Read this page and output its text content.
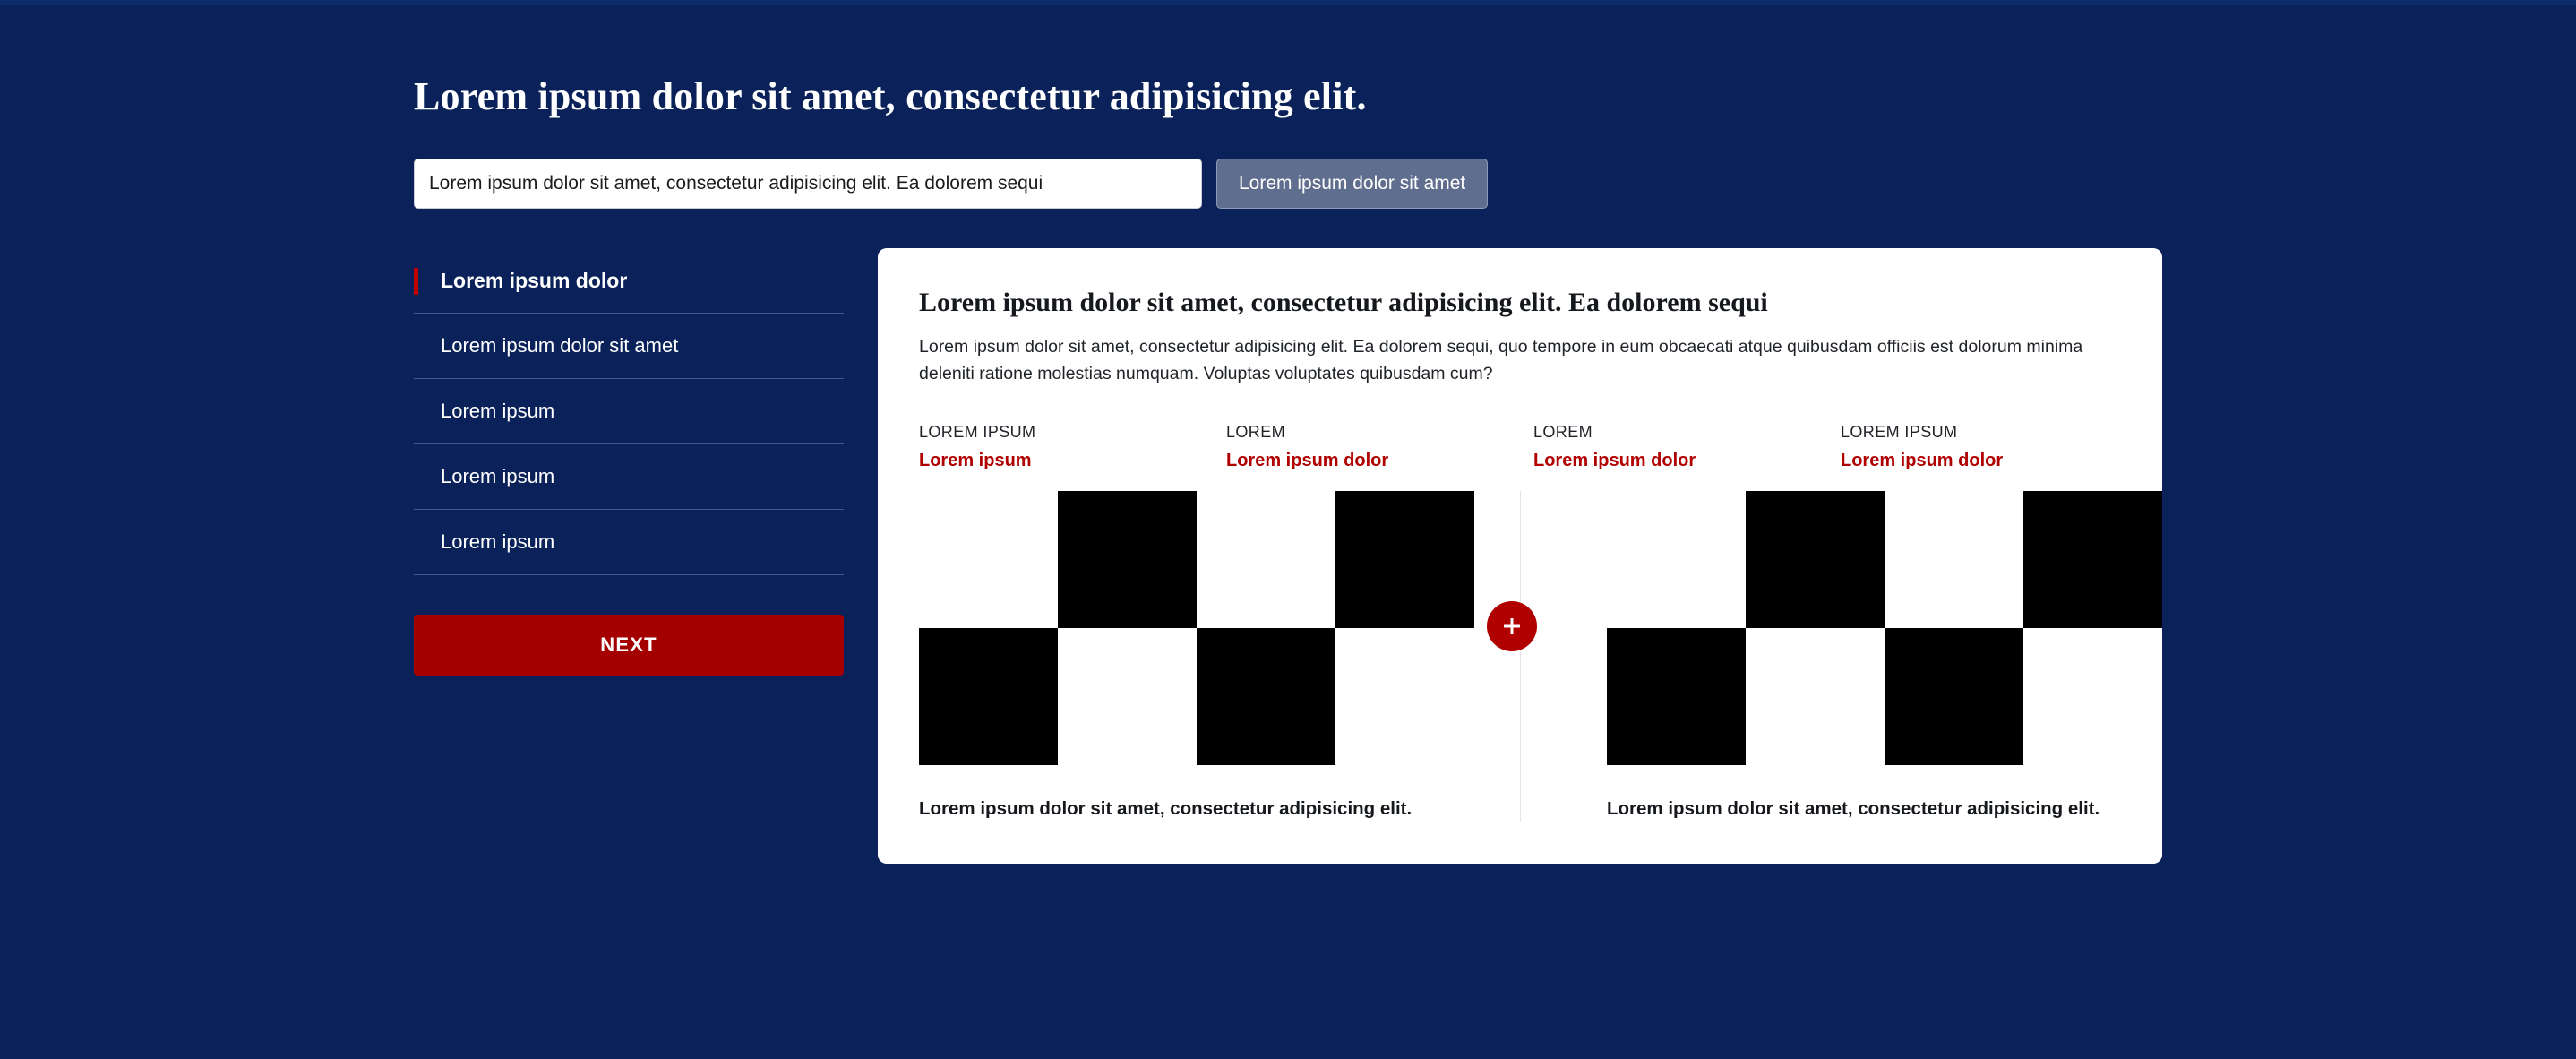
Lorem ipsum dolor sit amet, consectetur adipisicing elit.
Lorem ipsum dolor sit amet, consectetur adipisicing elit. Ea dolorem sequi
Lorem ipsum dolor sit amet
Lorem ipsum dolor
Lorem ipsum dolor sit amet
Lorem ipsum
Lorem ipsum
Lorem ipsum
NEXT
Lorem ipsum dolor sit amet, consectetur adipisicing elit. Ea dolorem sequi

Lorem ipsum dolor sit amet, consectetur adipisicing elit. Ea dolorem sequi, quo tempore in eum obcaecati atque quibusdam officiis est dolorum minima deleniti ratione molestias numquam. Voluptas voluptates quibusdam cum?

LOREM IPSUM
Lorem ipsum
LOREM
Lorem ipsum dolor
LOREM
Lorem ipsum dolor
LOREM IPSUM
Lorem ipsum dolor
Lorem ipsum dolor sit amet, consectetur adipisicing elit.	Lorem ipsum dolor sit amet, consectetur adipisicing elit.
